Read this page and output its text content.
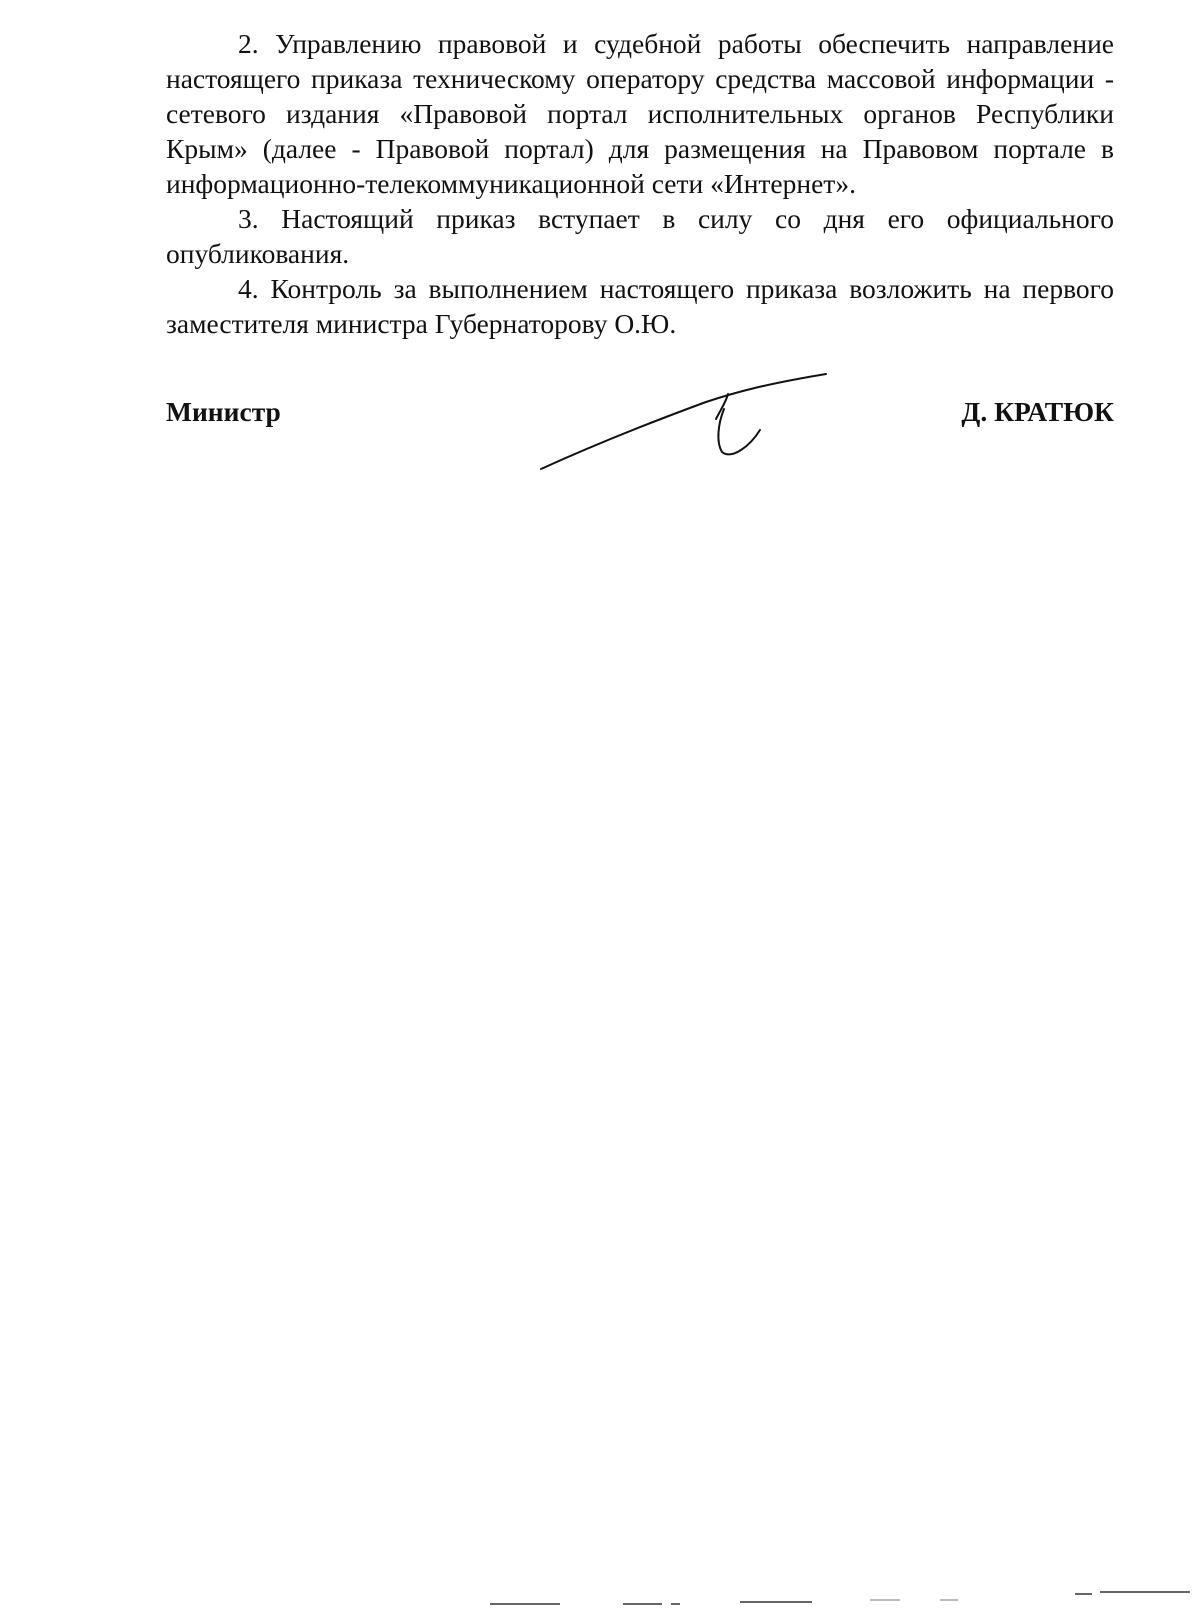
2. Управлению правовой и судебной работы обеспечить направление настоящего приказа техническому оператору средства массовой информации - сетевого издания «Правовой портал исполнительных органов Республики Крым» (далее - Правовой портал) для размещения на Правовом портале в информационно-телекоммуникационной сети «Интернет».

3. Настоящий приказ вступает в силу со дня его официального опубликования.

4. Контроль за выполнением настоящего приказа возложить на первого заместителя министра Губернаторову О.Ю.

Министр	Д. КРАТЮК
